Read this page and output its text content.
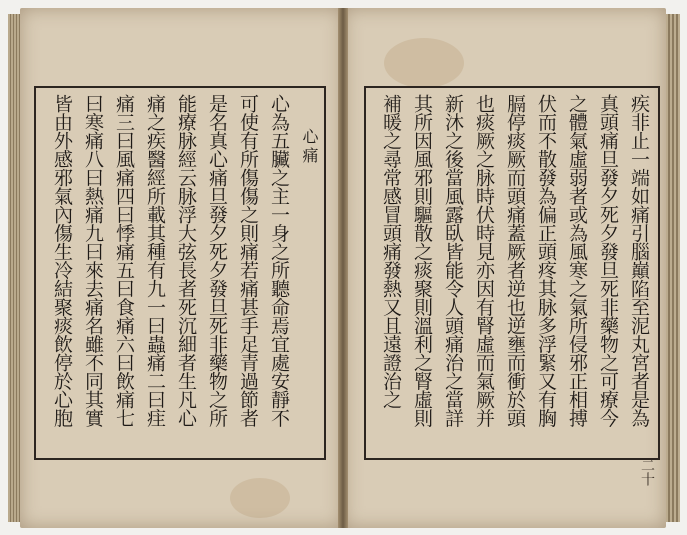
心痛
心為五臟之主一身之所聽命焉宜處安靜不
可使有所傷傷之則痛若痛甚手足青過節者
是名真心痛旦發夕死夕發旦死非藥物之所
能療脉經云脉浮大弦長者死沉細者生凡心
痛之疾醫經所載其種有九一曰蟲痛二曰疰
痛三曰風痛四曰悸痛五曰食痛六曰飲痛七
曰寒痛八曰熱痛九曰來去痛名雖不同其實
皆由外感邪氣內傷生冷結聚痰飲停於心胞	疾非止一端如痛引腦巔陷至泥丸宮者是為
真頭痛旦發夕死夕發旦死非藥物之可療今
之體氣虛弱者或為風寒之氣所侵邪正相搏
伏而不散發為偏正頭疼其脉多浮緊又有胸
膈停痰厥而頭痛蓋厥者逆也逆壅而衝於頭
也痰厥之脉時伏時見亦因有腎虛而氣厥并
新沐之後當風露臥皆能令人頭痛治之當詳
其所因風邪則驅散之痰聚則溫利之腎虛則
補暖之尋常感冒頭痛發熱又且遠證治之
二十
